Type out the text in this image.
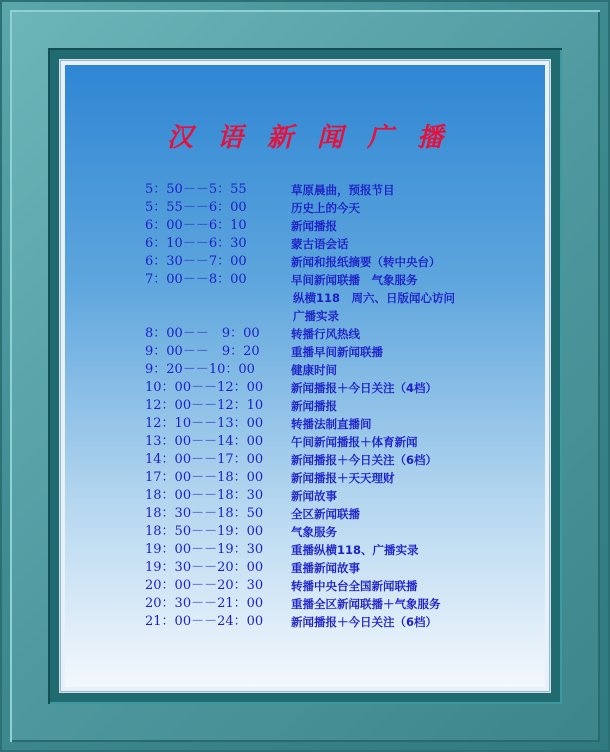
汉 语 新 闻 广 播
5：50－－5：55	草原晨曲，预报节目
5：55－－6：00	历史上的今天
6：00－－6：10	新闻播报
6：10－－6：30	蒙古语会话
6：30－－7：00	新闻和报纸摘要（转中央台）
7：00－－8：00	早间新闻联播　气象服务
纵横118　周六、日版闻心访问
广播实录
8：00－－　9：00	转播行风热线
9：00－－　9：20	重播早间新闻联播
9：20－－10：00	健康时间
10：00－－12：00 新闻播报＋今日关注（4档）
12：00－－12：10 新闻播报
12：10－－13：00 转播法制直播间
13：00－－14：00 午间新闻播报＋体育新闻
14：00－－17：00 新闻播报＋今日关注（6档）
17：00－－18：00 新闻播报＋天天理财
18：00－－18：30 新闻故事
18：30－－18：50 全区新闻联播
18：50－－19：00 气象服务
19：00－－19：30 重播纵横118、广播实录
19：30－－20：00 重播新闻故事
20：00－－20：30 转播中央台全国新闻联播
20：30－－21：00 重播全区新闻联播＋气象服务
21：00－－24：00 新闻播报＋今日关注（6档）
